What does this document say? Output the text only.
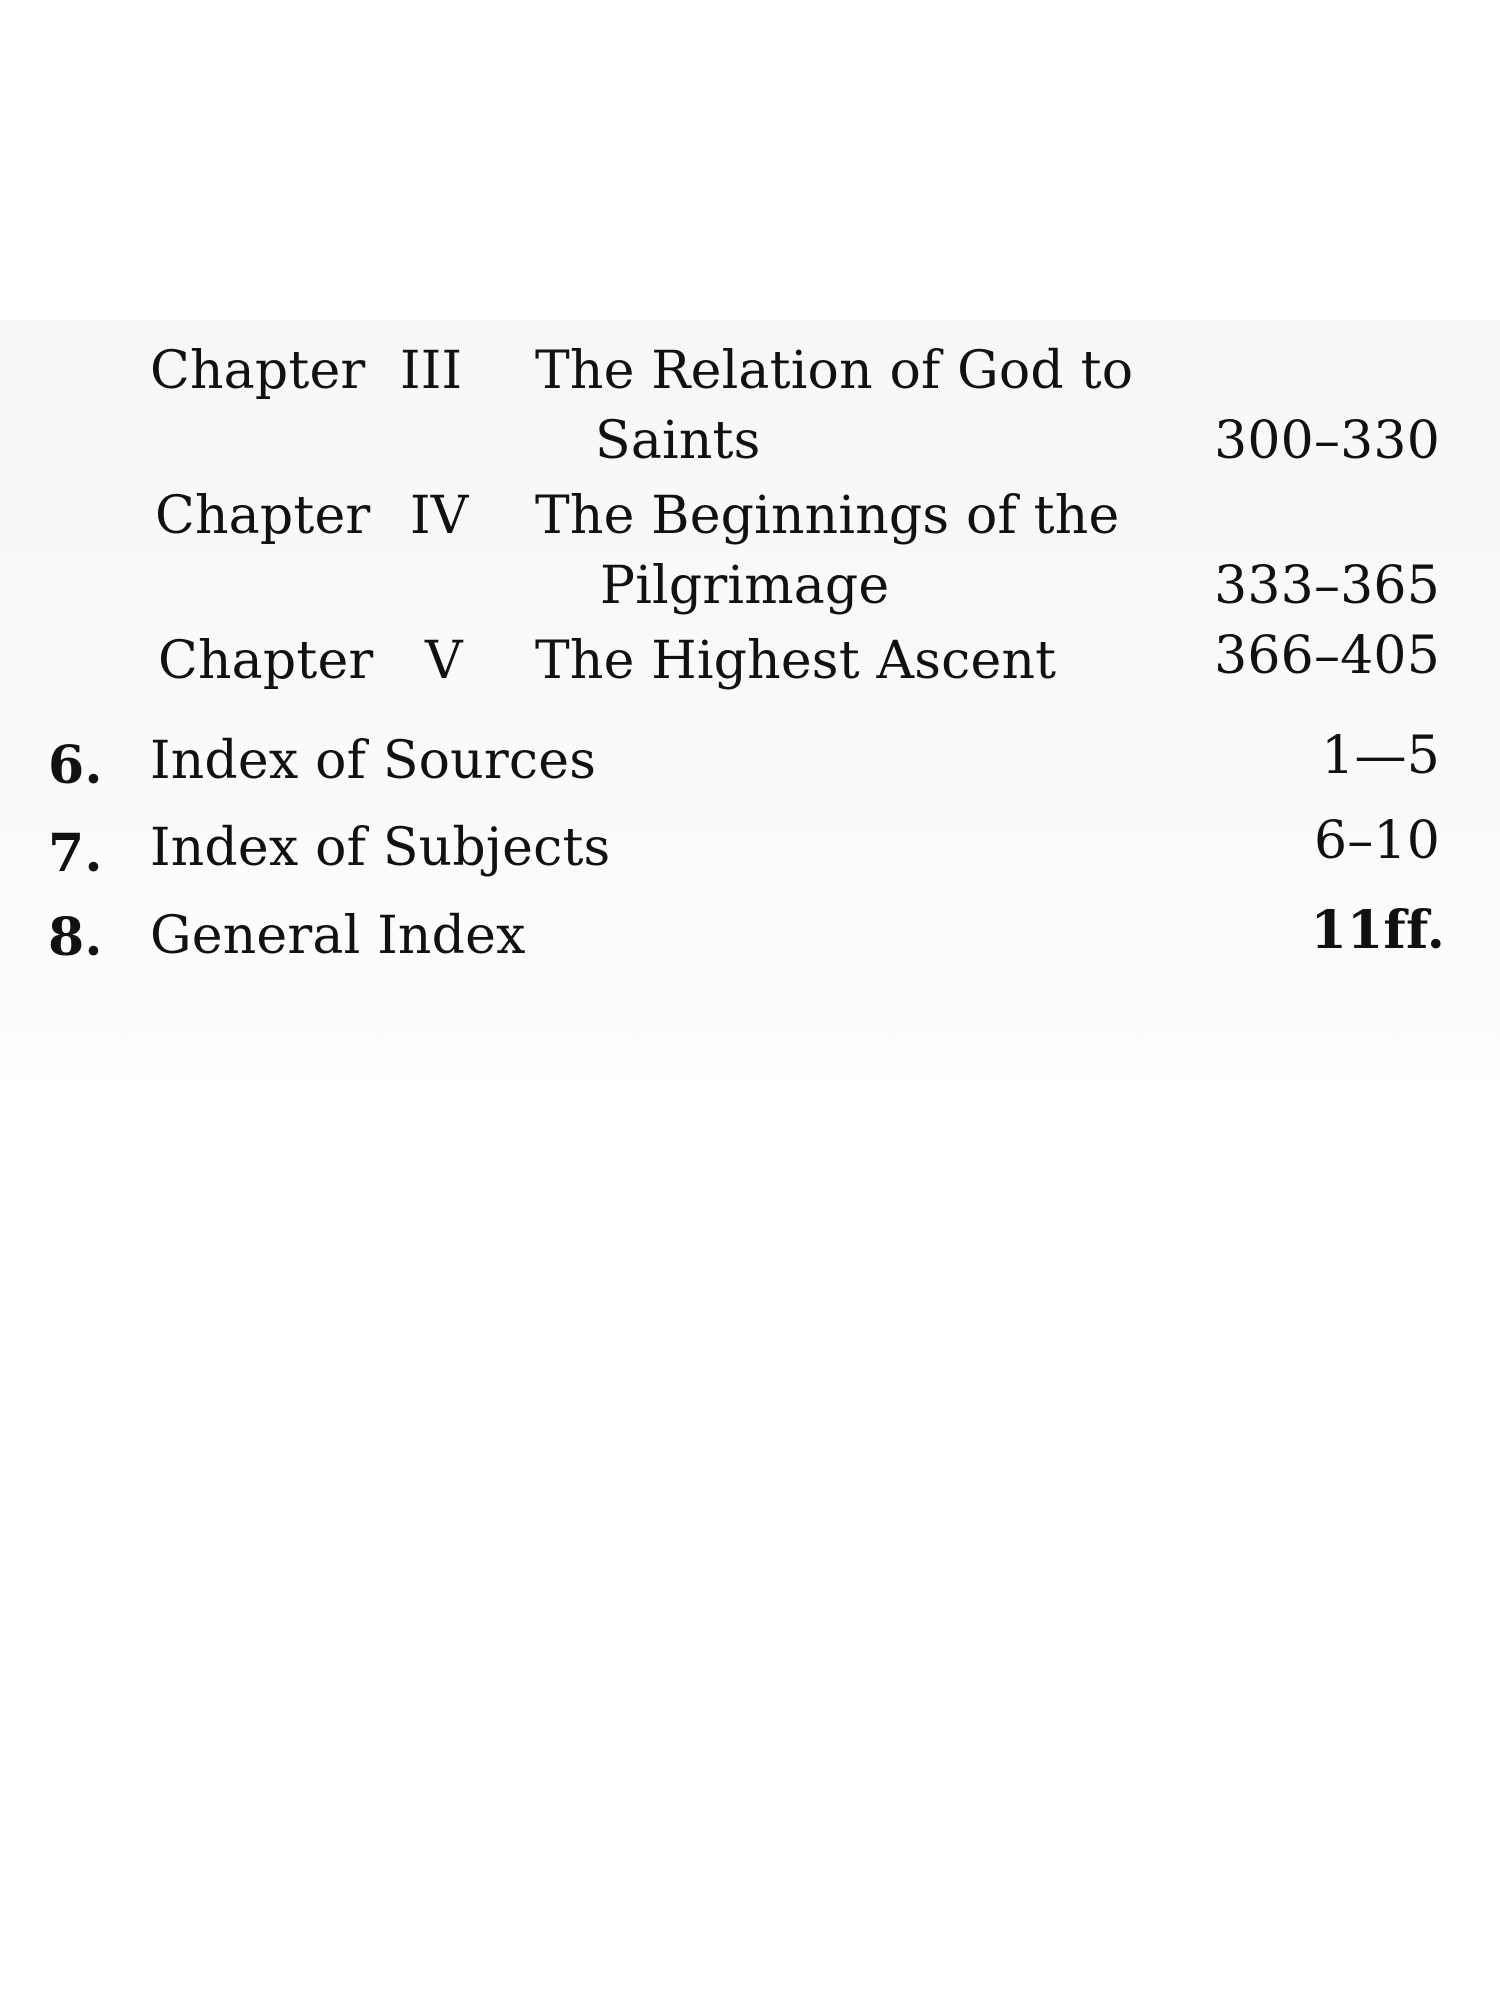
Chapter III The Relation of God to
Saints	300–330
Chapter IV The Beginnings of the
Pilgrimage	333–365
Chapter V The Highest Ascent	366–405
6. Index of Sources	1—5
7. Index of Subjects	6–10
8. General Index	11ff.
